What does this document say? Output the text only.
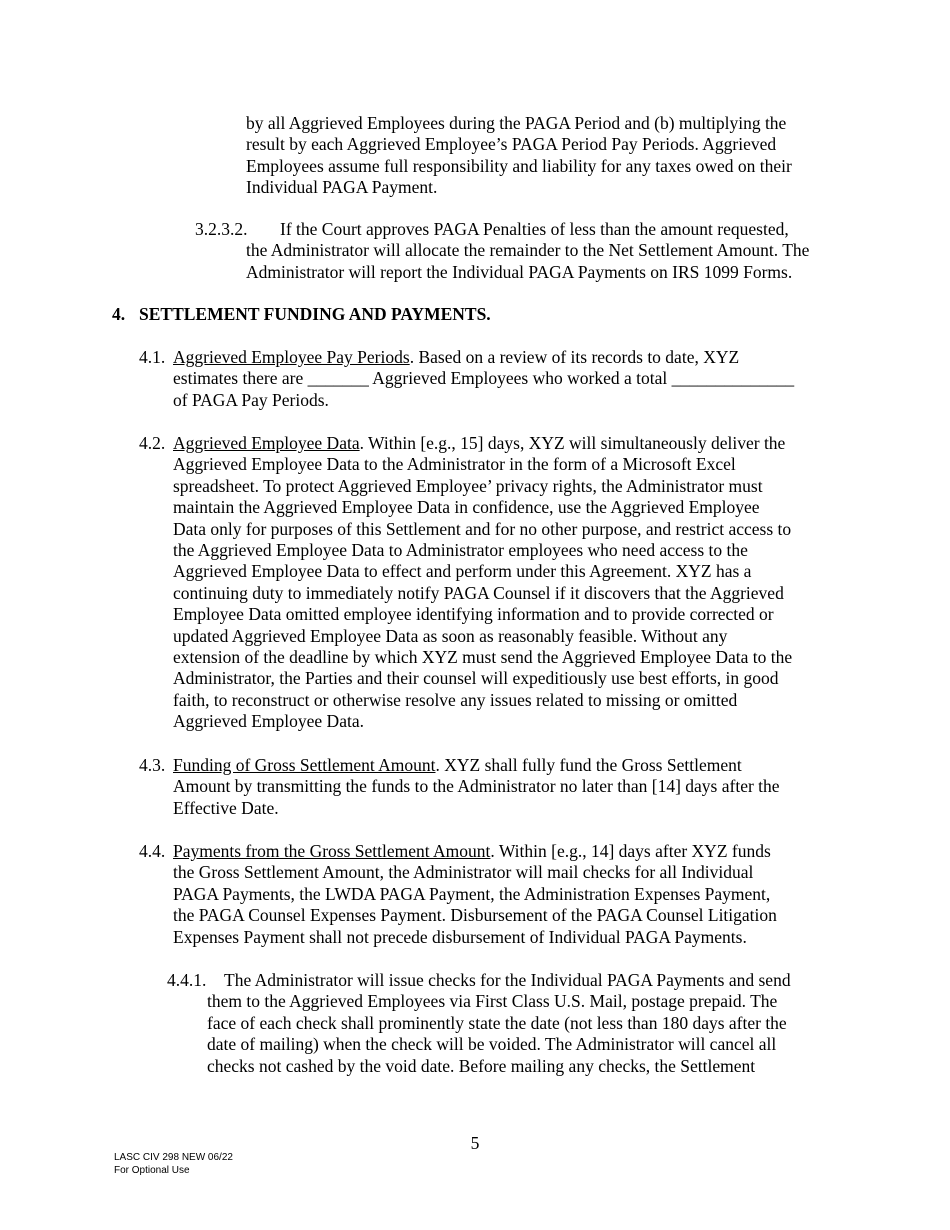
by all Aggrieved Employees during the PAGA Period and (b) multiplying the
result by each Aggrieved Employee’s PAGA Period Pay Periods. Aggrieved
Employees assume full responsibility and liability for any taxes owed on their
Individual PAGA Payment.
3.2.3.2. If the Court approves PAGA Penalties of less than the amount requested,
the Administrator will allocate the remainder to the Net Settlement Amount. The
Administrator will report the Individual PAGA Payments on IRS 1099 Forms.
4. SETTLEMENT FUNDING AND PAYMENTS.
4.1. Aggrieved Employee Pay Periods. Based on a review of its records to date, XYZ
estimates there are _______ Aggrieved Employees who worked a total ______________
of PAGA Pay Periods.
4.2. Aggrieved Employee Data. Within [e.g., 15] days, XYZ will simultaneously deliver the
Aggrieved Employee Data to the Administrator in the form of a Microsoft Excel
spreadsheet. To protect Aggrieved Employee’ privacy rights, the Administrator must
maintain the Aggrieved Employee Data in confidence, use the Aggrieved Employee
Data only for purposes of this Settlement and for no other purpose, and restrict access to
the Aggrieved Employee Data to Administrator employees who need access to the
Aggrieved Employee Data to effect and perform under this Agreement. XYZ has a
continuing duty to immediately notify PAGA Counsel if it discovers that the Aggrieved
Employee Data omitted employee identifying information and to provide corrected or
updated Aggrieved Employee Data as soon as reasonably feasible. Without any
extension of the deadline by which XYZ must send the Aggrieved Employee Data to the
Administrator, the Parties and their counsel will expeditiously use best efforts, in good
faith, to reconstruct or otherwise resolve any issues related to missing or omitted
Aggrieved Employee Data.
4.3. Funding of Gross Settlement Amount. XYZ shall fully fund the Gross Settlement
Amount by transmitting the funds to the Administrator no later than [14] days after the
Effective Date.
4.4. Payments from the Gross Settlement Amount. Within [e.g., 14] days after XYZ funds
the Gross Settlement Amount, the Administrator will mail checks for all Individual
PAGA Payments, the LWDA PAGA Payment, the Administration Expenses Payment,
the PAGA Counsel Expenses Payment. Disbursement of the PAGA Counsel Litigation
Expenses Payment shall not precede disbursement of Individual PAGA Payments.
4.4.1. The Administrator will issue checks for the Individual PAGA Payments and send
them to the Aggrieved Employees via First Class U.S. Mail, postage prepaid. The
face of each check shall prominently state the date (not less than 180 days after the
date of mailing) when the check will be voided. The Administrator will cancel all
checks not cashed by the void date. Before mailing any checks, the Settlement
5
LASC CIV 298 NEW 06/22
For Optional Use
